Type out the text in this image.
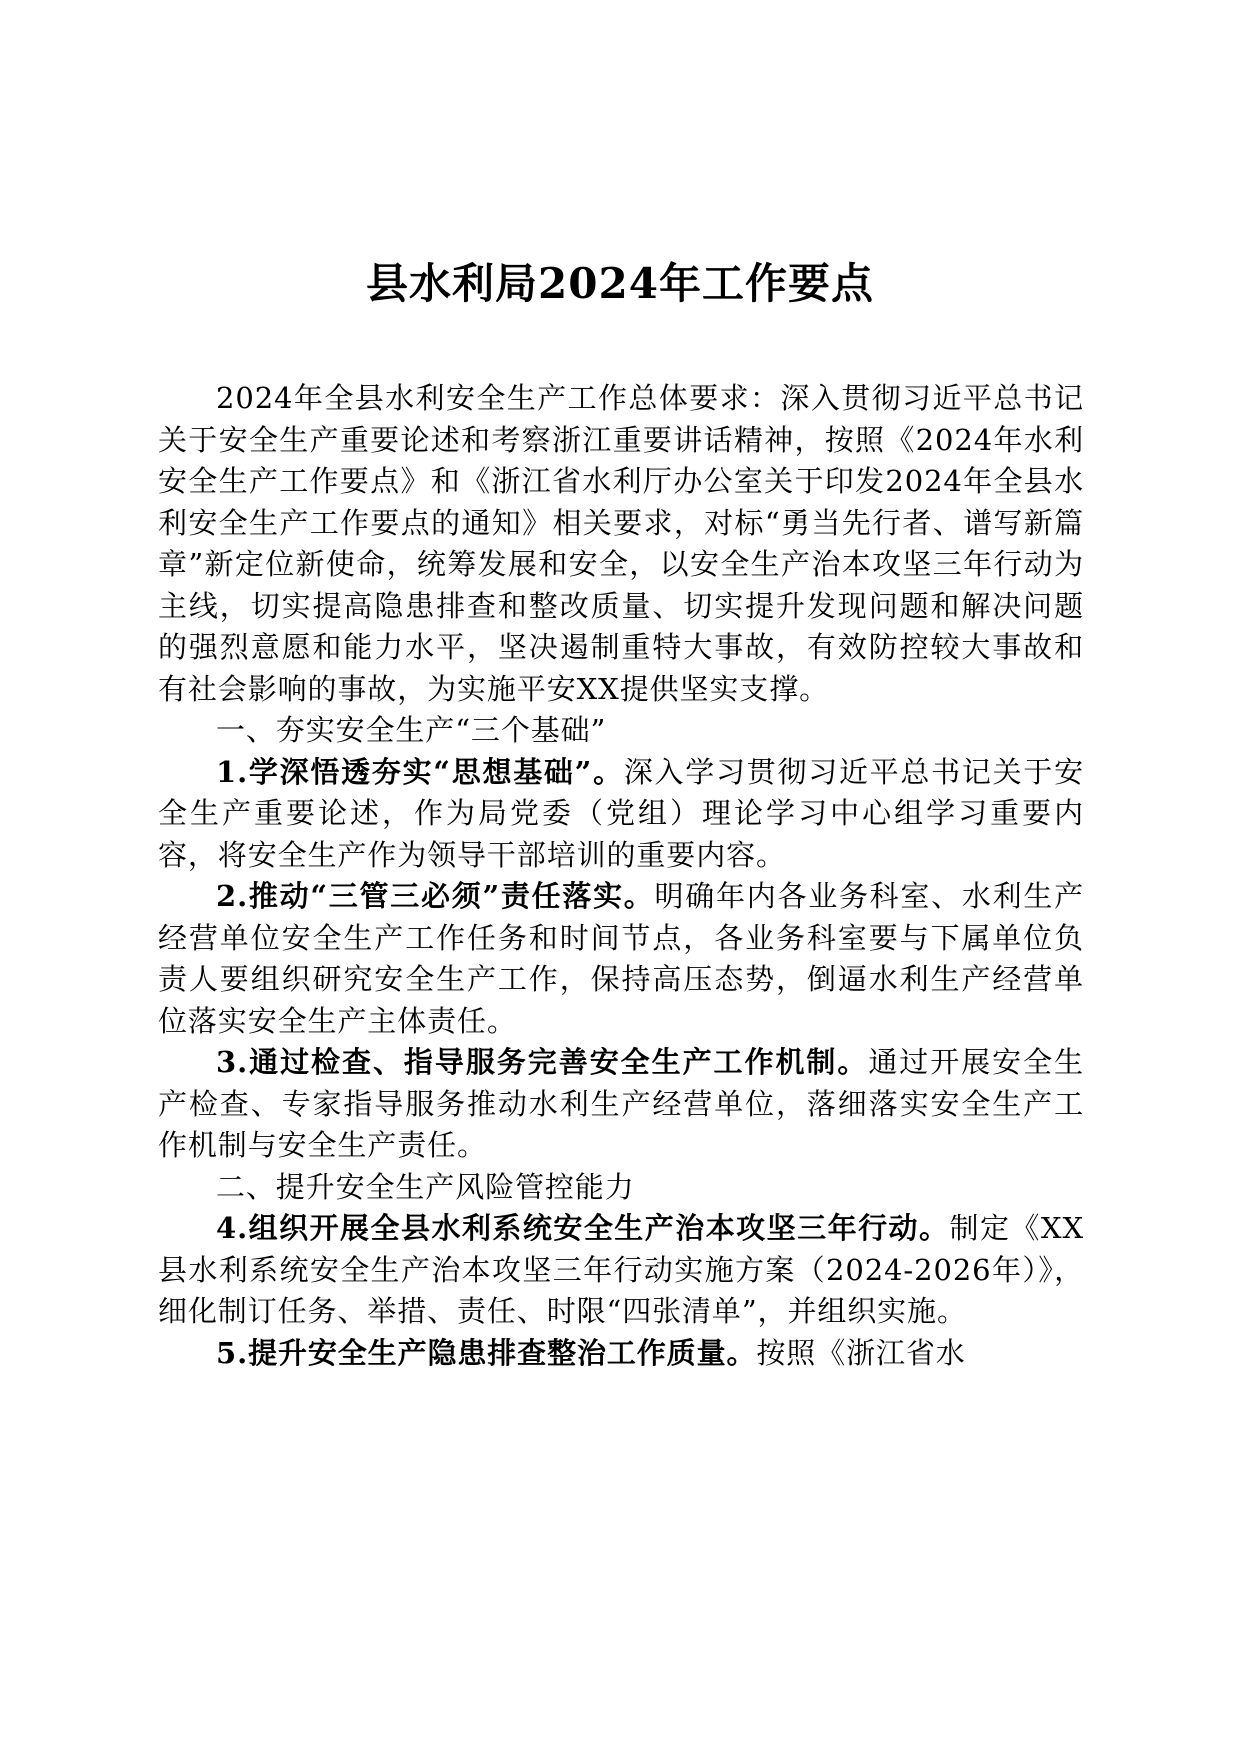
县水利局2024年工作要点

2024年全县水利安全生产工作总体要求：深入贯彻习近平总书记关于安全生产重要论述和考察浙江重要讲话精神，按照《2024年水利安全生产工作要点》和《浙江省水利厅办公室关于印发2024年全县水利安全生产工作要点的通知》相关要求，对标“勇当先行者、谱写新篇章”新定位新使命，统筹发展和安全，以安全生产治本攻坚三年行动为主线，切实提高隐患排查和整改质量、切实提升发现问题和解决问题的强烈意愿和能力水平，坚决遏制重特大事故，有效防控较大事故和有社会影响的事故，为实施平安XX提供坚实支撑。

一、夯实安全生产“三个基础”

1.学深悟透夯实“思想基础”。深入学习贯彻习近平总书记关于安全生产重要论述，作为局党委（党组）理论学习中心组学习重要内容，将安全生产作为领导干部培训的重要内容。

2.推动“三管三必须”责任落实。明确年内各业务科室、水利生产经营单位安全生产工作任务和时间节点，各业务科室要与下属单位负责人要组织研究安全生产工作，保持高压态势，倒逼水利生产经营单位落实安全生产主体责任。

3.通过检查、指导服务完善安全生产工作机制。通过开展安全生产检查、专家指导服务推动水利生产经营单位，落细落实安全生产工作机制与安全生产责任。

二、提升安全生产风险管控能力

4.组织开展全县水利系统安全生产治本攻坚三年行动。制定《XX县水利系统安全生产治本攻坚三年行动实施方案（2024-2026年）》，细化制订任务、举措、责任、时限“四张清单”，并组织实施。

5.提升安全生产隐患排查整治工作质量。按照《浙江省水
